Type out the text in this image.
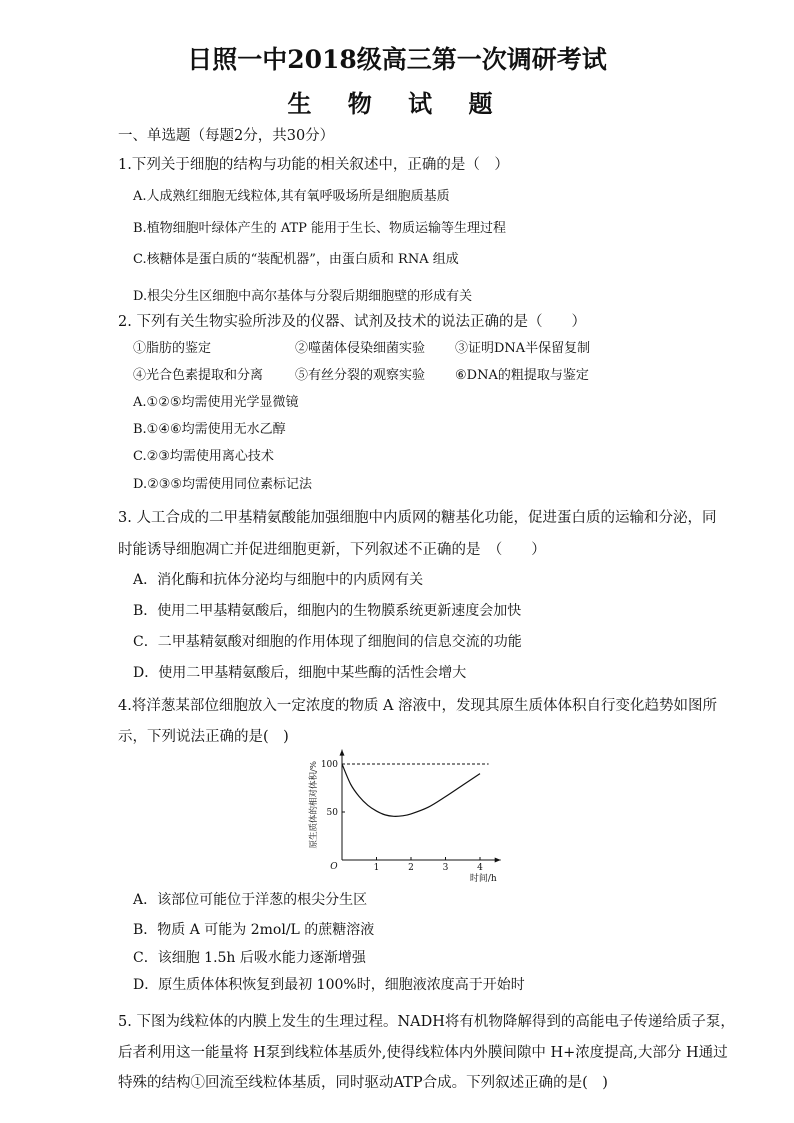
日照一中2018级高三第一次调研考试
生 物 试 题
一、单选题（每题2分，共30分）
1.下列关于细胞的结构与功能的相关叙述中，正确的是（　）
A.人成熟红细胞无线粒体,其有氧呼吸场所是细胞质基质
B.植物细胞叶绿体产生的 ATP 能用于生长、物质运输等生理过程
C.核糖体是蛋白质的“装配机器”，由蛋白质和 RNA 组成
D.根尖分生区细胞中高尔基体与分裂后期细胞壁的形成有关
2. 下列有关生物实验所涉及的仪器、试剂及技术的说法正确的是（　　）
①脂肪的鉴定	②噬菌体侵染细菌实验 ③证明DNA半保留复制
④光合色素提取和分离 ⑤有丝分裂的观察实验 ⑥DNA的粗提取与鉴定
A.①②⑤均需使用光学显微镜
B.①④⑥均需使用无水乙醇
C.②③均需使用离心技术
D.②③⑤均需使用同位素标记法
3. 人工合成的二甲基精氨酸能加强细胞中内质网的糖基化功能，促进蛋白质的运输和分泌，同
时能诱导细胞凋亡并促进细胞更新，下列叙述不正确的是　（　　）
A．消化酶和抗体分泌均与细胞中的内质网有关
B．使用二甲基精氨酸后，细胞内的生物膜系统更新速度会加快
C．二甲基精氨酸对细胞的作用体现了细胞间的信息交流的功能
D．使用二甲基精氨酸后，细胞中某些酶的活性会增大
4.将洋葱某部位细胞放入一定浓度的物质 A 溶液中，发现其原生质体体积自行变化趋势如图所
示，下列说法正确的是(　)
1	2	3	4
50
100
O
时间/h
原生质体的相对体积/%
A．该部位可能位于洋葱的根尖分生区
B．物质 A 可能为 2mol/L 的蔗糖溶液
C．该细胞 1.5h 后吸水能力逐渐增强
D．原生质体体积恢复到最初 100%时，细胞液浓度高于开始时
5. 下图为线粒体的内膜上发生的生理过程。NADH将有机物降解得到的高能电子传递给质子泵，
后者利用这一能量将 H泵到线粒体基质外,使得线粒体内外膜间隙中 H+浓度提高,大部分 H通过
特殊的结构①回流至线粒体基质，同时驱动ATP合成。下列叙述正确的是(　)
